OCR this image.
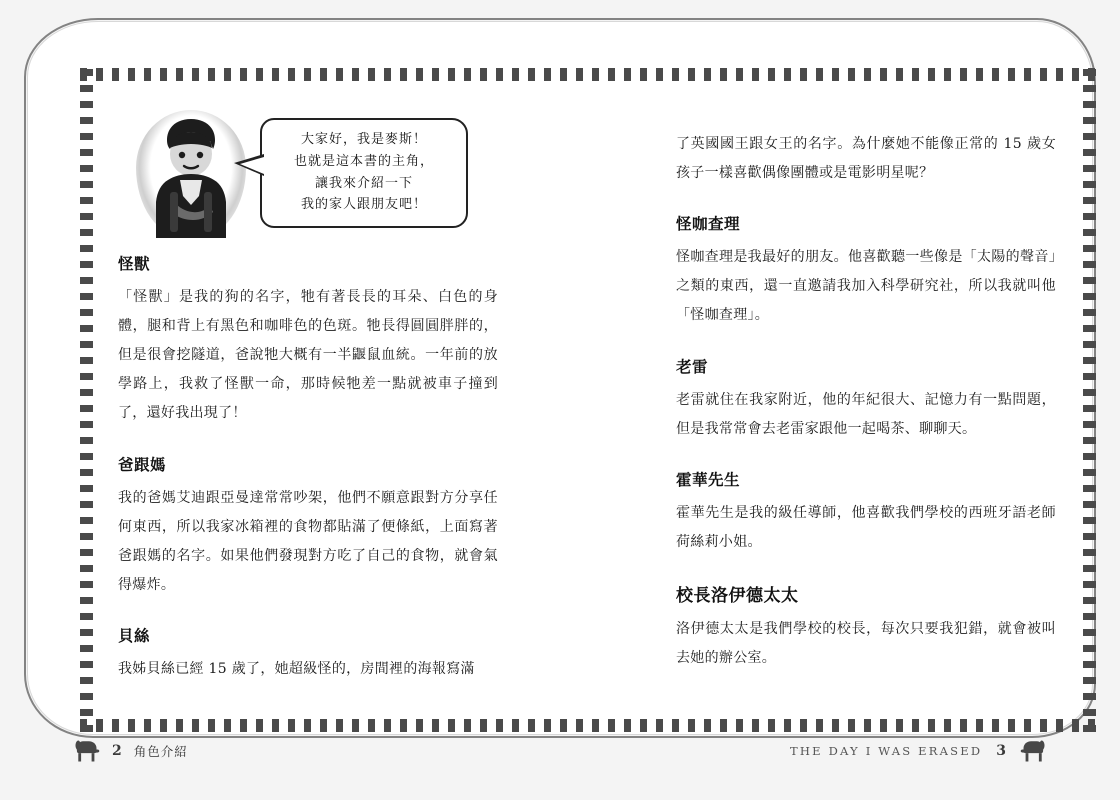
大家好，我是麥斯！
也就是這本書的主角，
讓我來介紹一下
我的家人跟朋友吧！
怪獸

「怪獸」是我的狗的名字，牠有著長長的耳朵、白色的身體，腿和背上有黑色和咖啡色的色斑。牠長得圓圓胖胖的，但是很會挖隧道，爸說牠大概有一半鼴鼠血統。一年前的放學路上，我救了怪獸一命，那時候牠差一點就被車子撞到了，還好我出現了！

爸跟媽

我的爸媽艾迪跟亞曼達常常吵架，他們不願意跟對方分享任何東西，所以我家冰箱裡的食物都貼滿了便條紙，上面寫著爸跟媽的名字。如果他們發現對方吃了自己的食物，就會氣得爆炸。

貝絲

我姊貝絲已經 15 歲了，她超級怪的，房間裡的海報寫滿

了英國國王跟女王的名字。為什麼她不能像正常的 15 歲女孩子一樣喜歡偶像團體或是電影明星呢？

怪咖查理

怪咖查理是我最好的朋友。他喜歡聽一些像是「太陽的聲音」之類的東西，還一直邀請我加入科學研究社，所以我就叫他「怪咖查理」。

老雷

老雷就住在我家附近，他的年紀很大、記憶力有一點問題，但是我常常會去老雷家跟他一起喝茶、聊聊天。

霍華先生

霍華先生是我的級任導師，他喜歡我們學校的西班牙語老師荷絲莉小姐。

校長洛伊德太太

洛伊德太太是我們學校的校長，每次只要我犯錯，就會被叫去她的辦公室。

2 角色介紹	THE DAY I WAS ERASED 3
